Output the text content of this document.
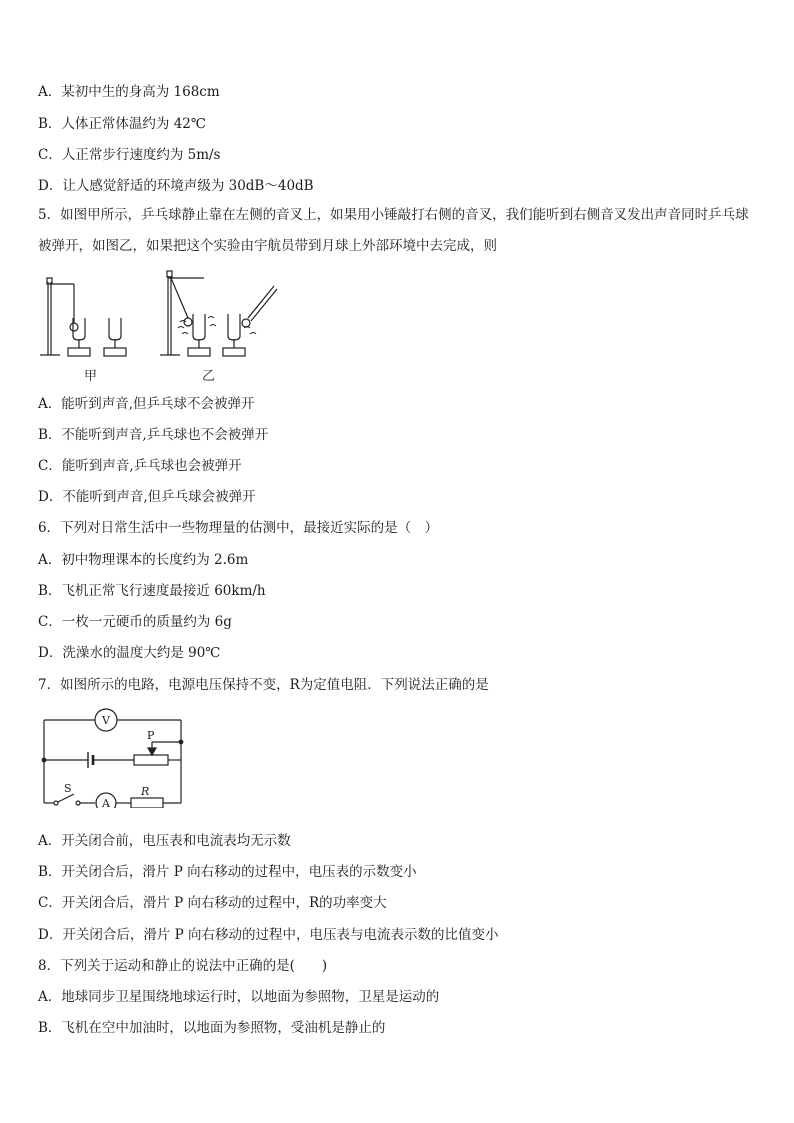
A．某初中生的身高为 168cm
B．人体正常体温约为 42℃
C．人正常步行速度约为 5m/s
D．让人感觉舒适的环境声级为 30dB～40dB
5．如图甲所示，乒乓球静止靠在左侧的音叉上，如果用小锤敲打右侧的音叉，我们能听到右侧音叉发出声音同时乒乓球被弹开，如图乙，如果把这个实验由宇航员带到月球上外部环境中去完成，则
甲	乙
A．能听到声音,但乒乓球不会被弹开
B．不能听到声音,乒乓球也不会被弹开
C．能听到声音,乒乓球也会被弹开
D．不能听到声音,但乒乓球会被弹开
6．下列对日常生活中一些物理量的估测中，最接近实际的是（　）
A．初中物理课本的长度约为 2.6m
B．飞机正常飞行速度最接近 60km/h
C．一枚一元硬币的质量约为 6g
D．洗澡水的温度大约是 90℃
7．如图所示的电路，电源电压保持不变，R为定值电阻．下列说法正确的是
V
A
P
S	R
A．开关闭合前，电压表和电流表均无示数
B．开关闭合后，滑片 P 向右移动的过程中，电压表的示数变小
C．开关闭合后，滑片 P 向右移动的过程中，R的功率变大
D．开关闭合后，滑片 P 向右移动的过程中，电压表与电流表示数的比值变小
8．下列关于运动和静止的说法中正确的是(　　)
A．地球同步卫星围绕地球运行时，以地面为参照物，卫星是运动的
B．飞机在空中加油时，以地面为参照物，受油机是静止的
